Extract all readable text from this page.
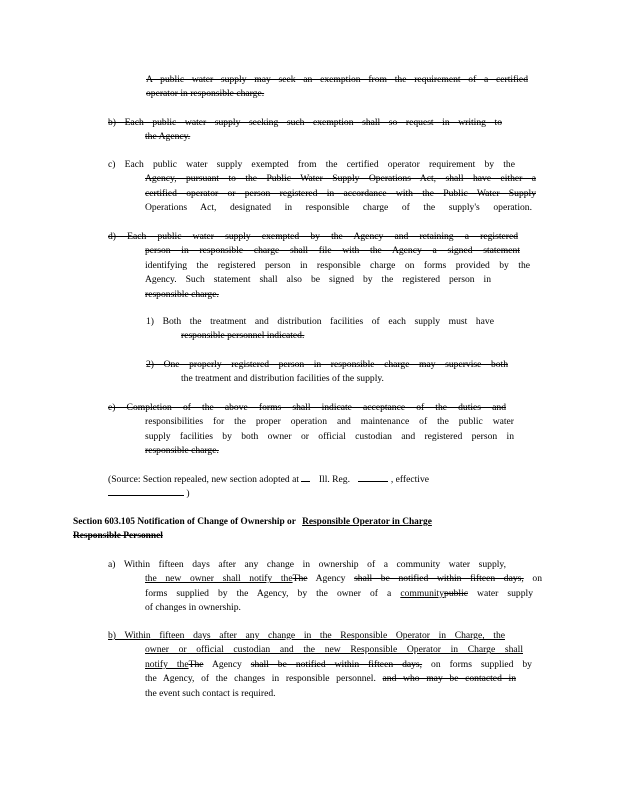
A public water supply may seek an exemption from the requirement of a certified
operator in responsible charge.
b) Each public water supply seeking such exemption shall so request in writing to
the Agency.
c) Each public water supply exempted from the certified operator requirement by the
Agency, pursuant to the Public Water Supply Operations Act, shall have either a
certified operator or person registered in accordance with the Public Water Supply
Operations Act, designated in responsible charge of the supply's operation.
d) Each public water supply exempted by the Agency and retaining a registered
person in responsible charge shall file with the Agency a signed statement
identifying the registered person in responsible charge on forms provided by the
Agency. Such statement shall also be signed by the registered person in
responsible charge.
1) Both the treatment and distribution facilities of each supply must have
responsible personnel indicated.
2) One properly registered person in responsible charge may supervise both
the treatment and distribution facilities of the supply.
e) Completion of the above forms shall indicate acceptance of the duties and
responsibilities for the proper operation and maintenance of the public water
supply facilities by both owner or official custodian and registered person in
responsible charge.
(Source: Section repealed, new section adopted at Ill. Reg.	, effective
)
Section 603.105 Notification of Change of Ownership or Responsible Operator in Charge
Responsible Personnel
a) Within fifteen days after any change in ownership of a community water supply,
the new owner shall notify theThe Agency shall be notified within fifteen days, on
forms supplied by the Agency, by the owner of a communitypublic water supply
of changes in ownership.
b) Within fifteen days after any change in the Responsible Operator in Charge, the
owner or official custodian and the new Responsible Operator in Charge shall
notify theThe Agency shall be notified within fifteen days, on forms supplied by
the Agency, of the changes in responsible personnel. and who may be contacted in
the event such contact is required.
